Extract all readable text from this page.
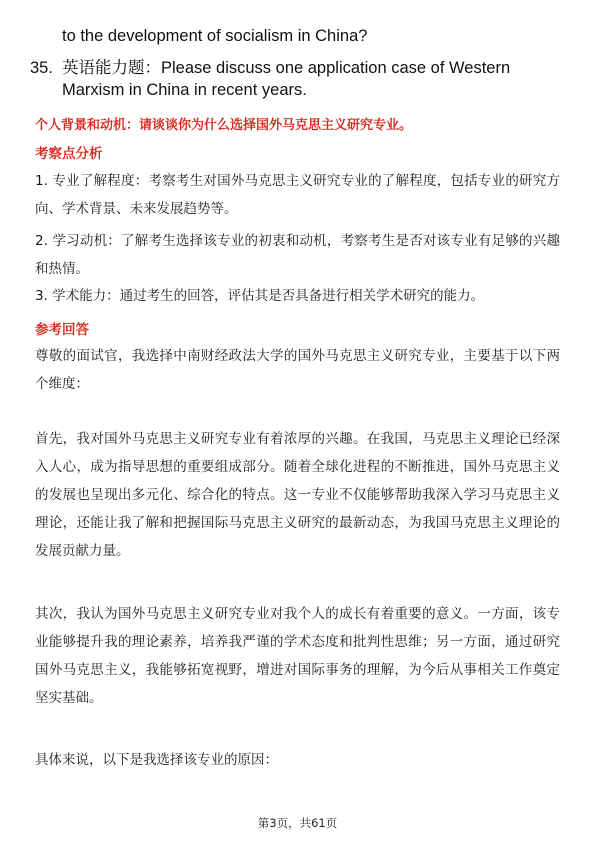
to the development of socialism in China?
35. 英语能力题：Please discuss one application case of Western
Marxism in China in recent years.
个人背景和动机：请谈谈你为什么选择国外马克思主义研究专业。
考察点分析

1. 专业了解程度：考察考生对国外马克思主义研究专业的了解程度，包括专业的研究方向、学术背景、未来发展趋势等。

2. 学习动机：了解考生选择该专业的初衷和动机，考察考生是否对该专业有足够的兴趣和热情。

3. 学术能力：通过考生的回答，评估其是否具备进行相关学术研究的能力。

参考回答

尊敬的面试官，我选择中南财经政法大学的国外马克思主义研究专业，主要基于以下两个维度：

首先，我对国外马克思主义研究专业有着浓厚的兴趣。在我国，马克思主义理论已经深入人心，成为指导思想的重要组成部分。随着全球化进程的不断推进，国外马克思主义的发展也呈现出多元化、综合化的特点。这一专业不仅能够帮助我深入学习马克思主义理论，还能让我了解和把握国际马克思主义研究的最新动态，为我国马克思主义理论的发展贡献力量。

其次，我认为国外马克思主义研究专业对我个人的成长有着重要的意义。一方面，该专业能够提升我的理论素养，培养我严谨的学术态度和批判性思维；另一方面，通过研究国外马克思主义，我能够拓宽视野，增进对国际事务的理解，为今后从事相关工作奠定坚实基础。

具体来说，以下是我选择该专业的原因：

第3页，共61页
